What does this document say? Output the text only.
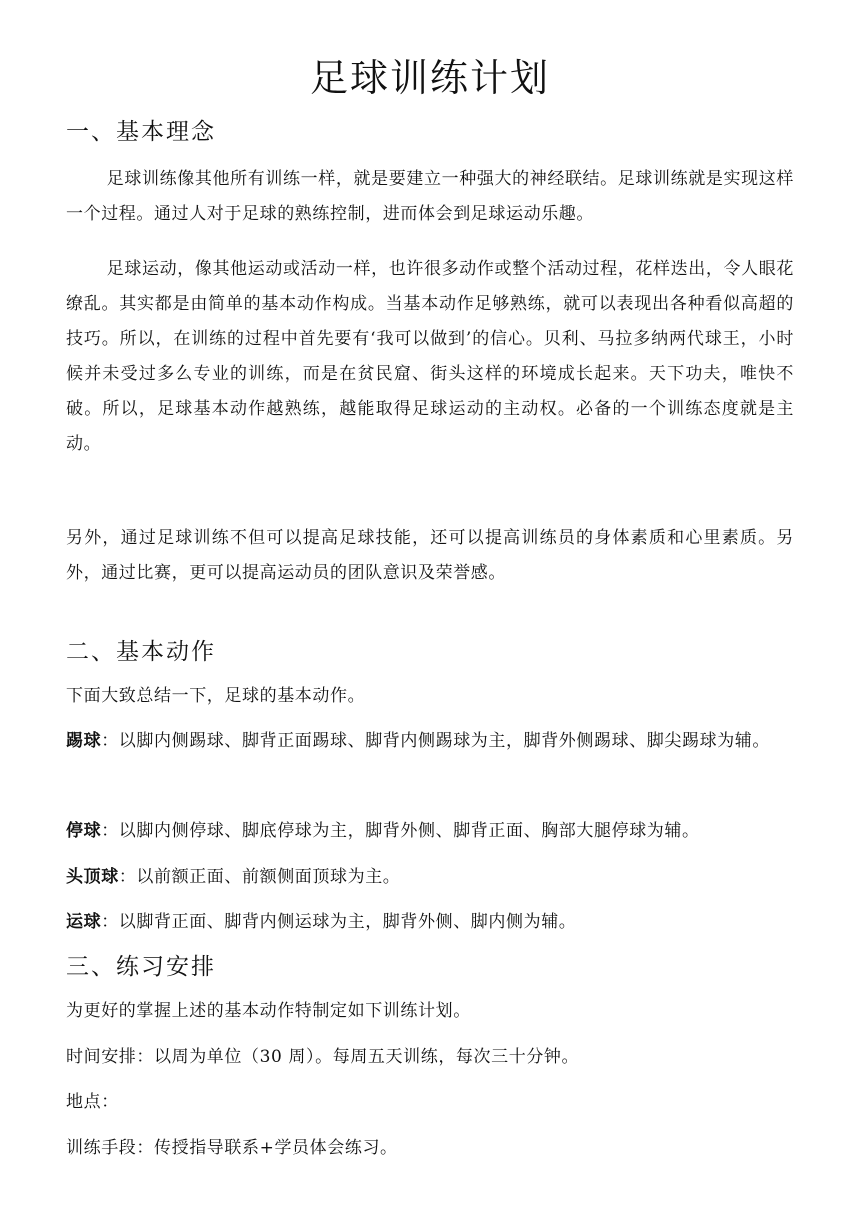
足球训练计划
一、基本理念

足球训练像其他所有训练一样，就是要建立一种强大的神经联结。足球训练就是实现这样一个过程。通过人对于足球的熟练控制，进而体会到足球运动乐趣。

足球运动，像其他运动或活动一样，也许很多动作或整个活动过程，花样迭出，令人眼花缭乱。其实都是由简单的基本动作构成。当基本动作足够熟练，就可以表现出各种看似高超的技巧。所以，在训练的过程中首先要有‘我可以做到’的信心。贝利、马拉多纳两代球王，小时候并未受过多么专业的训练，而是在贫民窟、街头这样的环境成长起来。天下功夫，唯快不破。所以，足球基本动作越熟练，越能取得足球运动的主动权。必备的一个训练态度就是主动。

另外，通过足球训练不但可以提高足球技能，还可以提高训练员的身体素质和心里素质。另外，通过比赛，更可以提高运动员的团队意识及荣誉感。

二、基本动作

下面大致总结一下，足球的基本动作。

踢球：以脚内侧踢球、脚背正面踢球、脚背内侧踢球为主，脚背外侧踢球、脚尖踢球为辅。

停球：以脚内侧停球、脚底停球为主，脚背外侧、脚背正面、胸部大腿停球为辅。

头顶球：以前额正面、前额侧面顶球为主。

运球：以脚背正面、脚背内侧运球为主，脚背外侧、脚内侧为辅。

三、练习安排

为更好的掌握上述的基本动作特制定如下训练计划。

时间安排：以周为单位（30 周）。每周五天训练，每次三十分钟。

地点：

训练手段：传授指导联系+学员体会练习。
